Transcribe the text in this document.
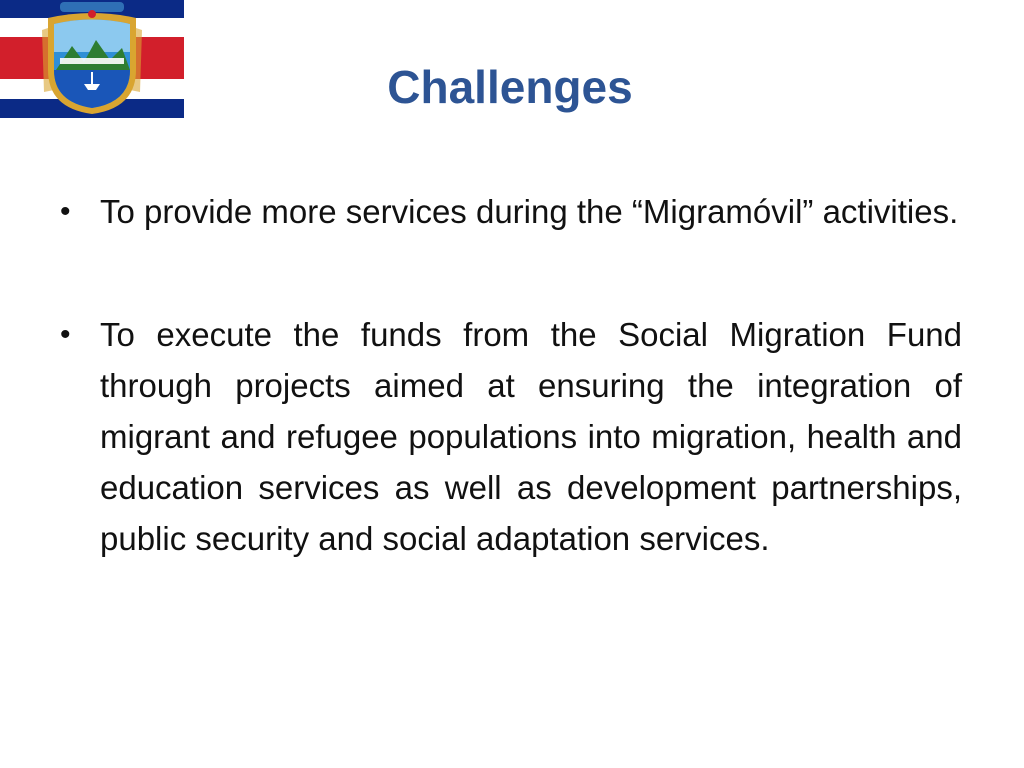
Challenges
• To provide more services during the “Migramóvil” activities.
• To execute the funds from the Social Migration Fund through projects aimed at ensuring the integration of migrant and refugee populations into migration, health and education services as well as development partnerships, public security and social adaptation services.
